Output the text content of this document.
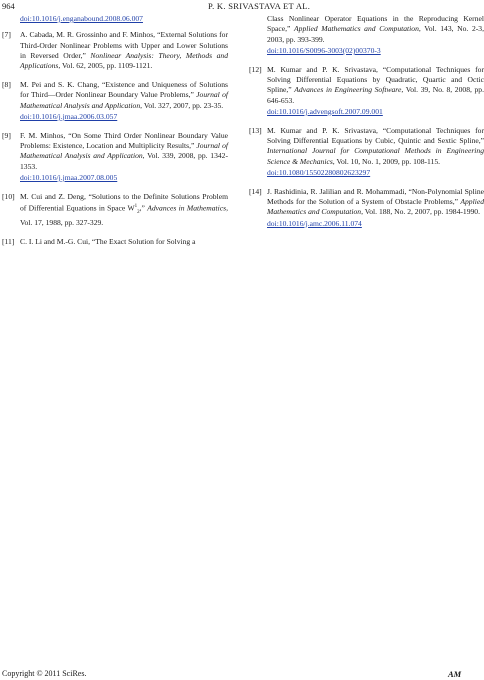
964	P. K. SRIVASTAVA ET AL.
doi:10.1016/j.enganabound.2008.06.007
[7] A. Cabada, M. R. Grossinho and F. Minhos, “External Solutions for Third-Order Nonlinear Problems with Upper and Lower Solutions in Reversed Order,” Nonlinear Analysis: Theory, Methods and Applications, Vol. 62, 2005, pp. 1109-1121.
[8] M. Pei and S. K. Chang, “Existence and Uniqueness of Solutions for Third—Order Nonlinear Boundary Value Problems,” Journal of Mathematical Analysis and Application, Vol. 327, 2007, pp. 23-35.
doi:10.1016/j.jmaa.2006.03.057
[9] F. M. Minhos, “On Some Third Order Nonlinear Boundary Value Problems: Existence, Location and Multiplicity Results,” Journal of Mathematical Analysis and Application, Vol. 339, 2008, pp. 1342-1353.
doi:10.1016/j.jmaa.2007.08.005
[10] M. Cui and Z. Deng, “Solutions to the Definite Solutions Problem of Differential Equations in Space $W^1_2$,” Advances in Mathematics, Vol. 17, 1988, pp. 327-329.
[11] C. I. Li and M.-G. Cui, “The Exact Solution for Solving a
Class Nonlinear Operator Equations in the Reproducing Kernel Space,” Applied Mathematics and Computation, Vol. 143, No. 2-3, 2003, pp. 393-399.
doi:10.1016/S0096-3003(02)00370-3
[12] M. Kumar and P. K. Srivastava, “Computational Techniques for Solving Differential Equations by Quadratic, Quartic and Octic Spline,” Advances in Engineering Software, Vol. 39, No. 8, 2008, pp. 646-653.
doi:10.1016/j.advengsoft.2007.09.001
[13] M. Kumar and P. K. Srivastava, “Computational Techniques for Solving Differential Equations by Cubic, Quintic and Sextic Spline,” International Journal for Computational Methods in Engineering Science & Mechanics, Vol. 10, No. 1, 2009, pp. 108-115.
doi:10.1080/15502280802623297
[14] J. Rashidinia, R. Jalilian and R. Mohammadi, “Non-Polynomial Spline Methods for the Solution of a System of Obstacle Problems,” Applied Mathematics and Computation, Vol. 188, No. 2, 2007, pp. 1984-1990.
doi:10.1016/j.amc.2006.11.074
Copyright © 2011 SciRes.	AM
